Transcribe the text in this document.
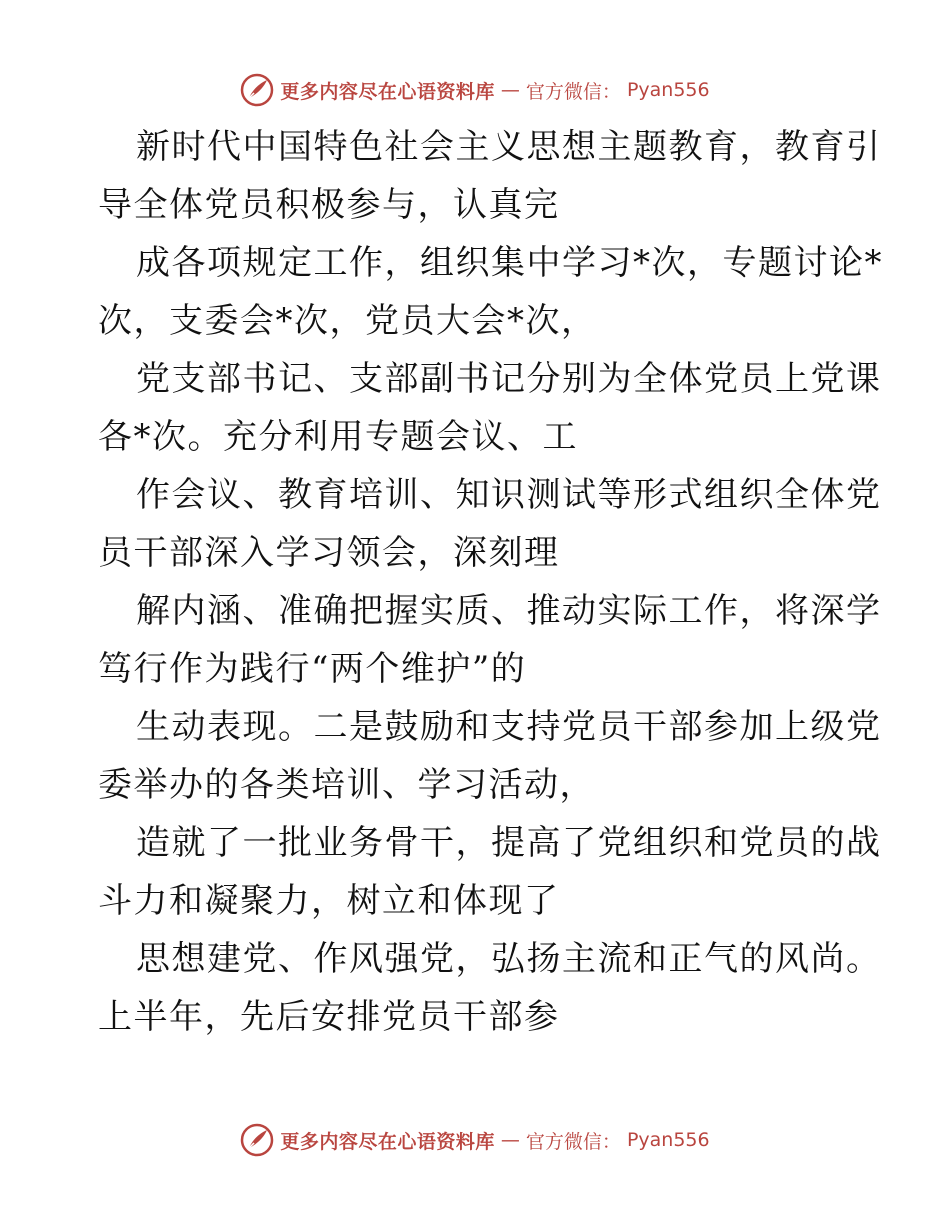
更多内容尽在心语资料库 — 官方微信： Pyan556
新时代中国特色社会主义思想主题教育，教育引
导全体党员积极参与，认真完
成各项规定工作，组织集中学习*次，专题讨论*
次，支委会*次，党员大会*次，
党支部书记、支部副书记分别为全体党员上党课
各*次。充分利用专题会议、工
作会议、教育培训、知识测试等形式组织全体党
员干部深入学习领会，深刻理
解内涵、准确把握实质、推动实际工作，将深学
笃行作为践行“两个维护”的
生动表现。二是鼓励和支持党员干部参加上级党
委举办的各类培训、学习活动，
造就了一批业务骨干，提高了党组织和党员的战
斗力和凝聚力，树立和体现了
思想建党、作风强党，弘扬主流和正气的风尚。
上半年，先后安排党员干部参
更多内容尽在心语资料库 — 官方微信： Pyan556
